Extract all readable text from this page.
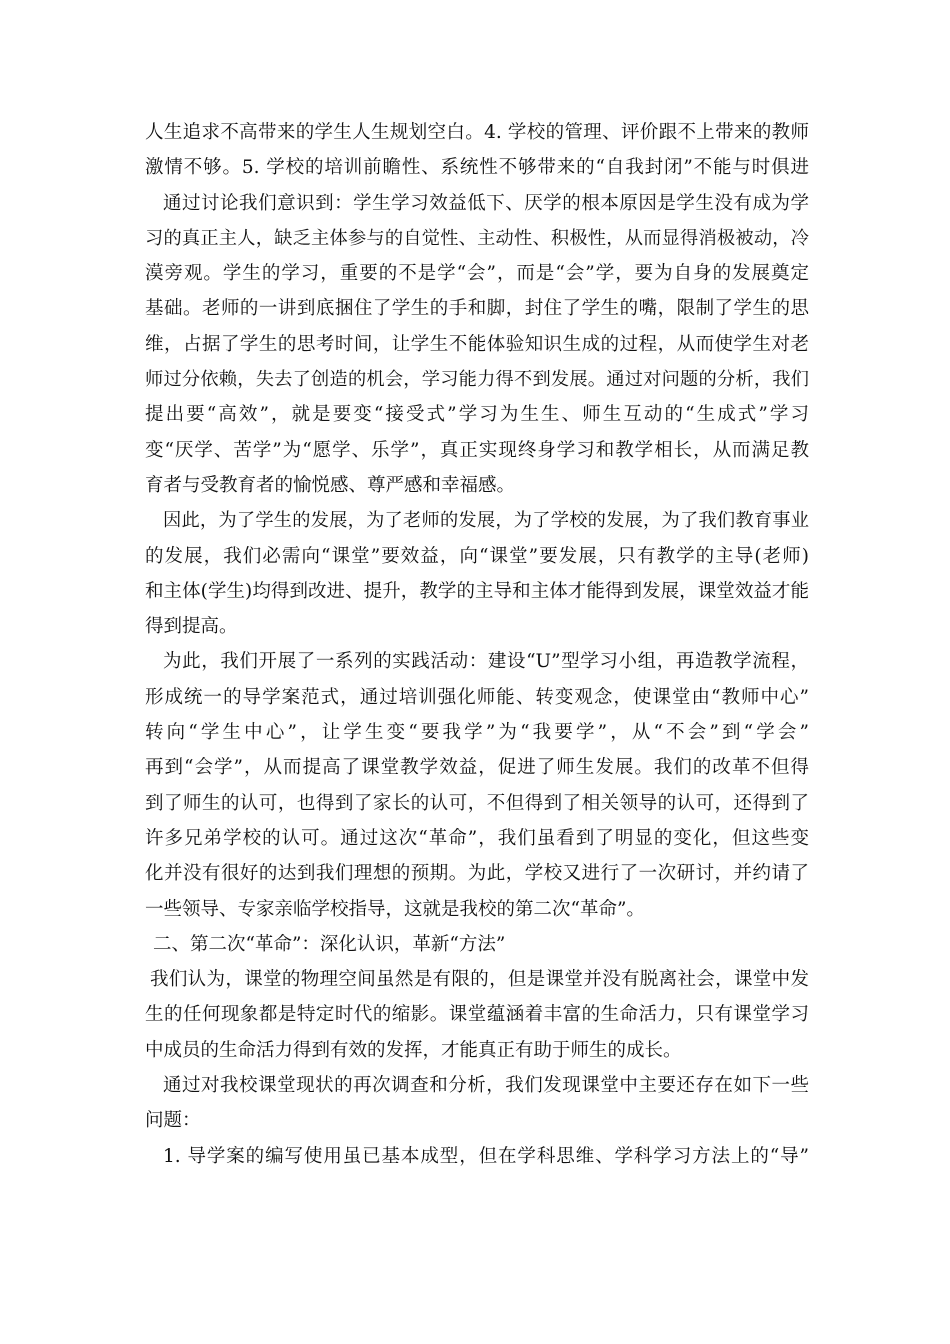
人生追求不高带来的学生人生规划空白。4. 学校的管理、评价跟不上带来的教师
激情不够。5. 学校的培训前瞻性、系统性不够带来的“自我封闭”不能与时俱进
通过讨论我们意识到：学生学习效益低下、厌学的根本原因是学生没有成为学
习的真正主人，缺乏主体参与的自觉性、主动性、积极性，从而显得消极被动，冷
漠旁观。学生的学习，重要的不是学“会”，而是“会”学，要为自身的发展奠定
基础。老师的一讲到底捆住了学生的手和脚，封住了学生的嘴，限制了学生的思
维，占据了学生的思考时间，让学生不能体验知识生成的过程，从而使学生对老
师过分依赖，失去了创造的机会，学习能力得不到发展。通过对问题的分析，我们
提出要“高效”，就是要变“接受式”学习为生生、师生互动的“生成式”学习
变“厌学、苦学”为“愿学、乐学”，真正实现终身学习和教学相长，从而满足教
育者与受教育者的愉悦感、尊严感和幸福感。
因此，为了学生的发展，为了老师的发展，为了学校的发展，为了我们教育事业
的发展，我们必需向“课堂”要效益，向“课堂”要发展，只有教学的主导(老师)
和主体(学生)均得到改进、提升，教学的主导和主体才能得到发展，课堂效益才能
得到提高。
为此，我们开展了一系列的实践活动：建设“U”型学习小组，再造教学流程，
形成统一的导学案范式，通过培训强化师能、转变观念，使课堂由“教师中心”
转向“学生中心”，让学生变“要我学”为“我要学”，从“不会”到“学会”
再到“会学”，从而提高了课堂教学效益，促进了师生发展。我们的改革不但得
到了师生的认可，也得到了家长的认可，不但得到了相关领导的认可，还得到了
许多兄弟学校的认可。通过这次“革命”，我们虽看到了明显的变化，但这些变
化并没有很好的达到我们理想的预期。为此，学校又进行了一次研讨，并约请了
一些领导、专家亲临学校指导，这就是我校的第二次“革命”。
二、第二次“革命”：深化认识，革新“方法”
我们认为，课堂的物理空间虽然是有限的，但是课堂并没有脱离社会，课堂中发
生的任何现象都是特定时代的缩影。课堂蕴涵着丰富的生命活力，只有课堂学习
中成员的生命活力得到有效的发挥，才能真正有助于师生的成长。
通过对我校课堂现状的再次调查和分析，我们发现课堂中主要还存在如下一些
问题：
1. 导学案的编写使用虽已基本成型，但在学科思维、学科学习方法上的“导”
